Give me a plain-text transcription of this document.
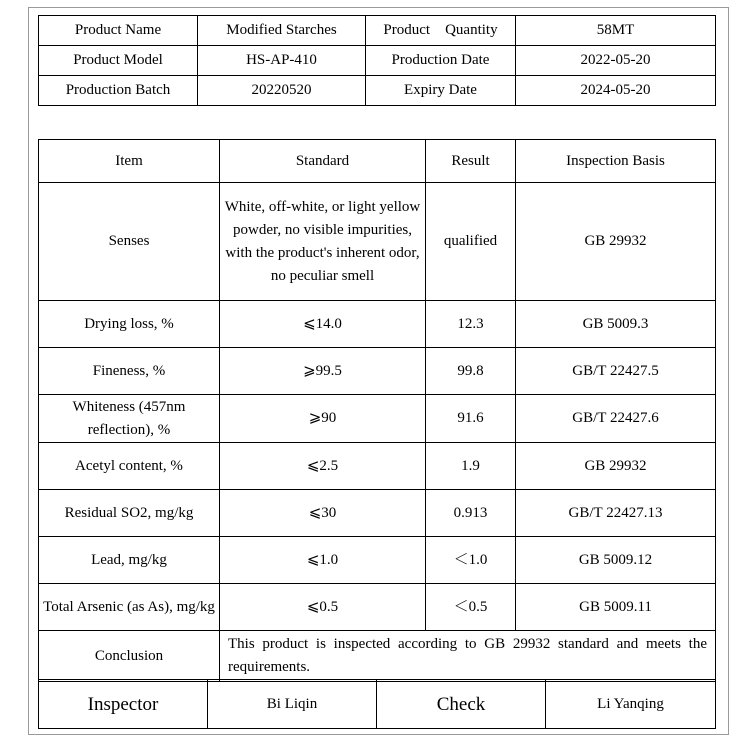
Product Name	Modified Starches	Product    Quantity	58MT
Product Model	HS-AP-410	Production Date	2022-05-20
Production Batch	20220520	Expiry Date	2024-05-20
Item	Standard	Result	Inspection Basis
Senses	White, off-white, or light yellow powder, no visible impurities, with the product's inherent odor, no peculiar smell	qualified	GB 29932
Drying loss, %	⩽14.0	12.3	GB 5009.3
Fineness, %	⩾99.5	99.8	GB/T 22427.5
Whiteness (457nm reflection), %	⩾90	91.6	GB/T 22427.6
Acetyl content, %	⩽2.5	1.9	GB 29932
Residual SO2, mg/kg	⩽30	0.913	GB/T 22427.13
Lead, mg/kg	⩽1.0	＜1.0	GB 5009.12
Total Arsenic (as As), mg/kg	⩽0.5	＜0.5	GB 5009.11
Conclusion	This product is inspected according to GB 29932 standard and meets the requirements.		
Inspector	Bi Liqin	Check	Li Yanqing
